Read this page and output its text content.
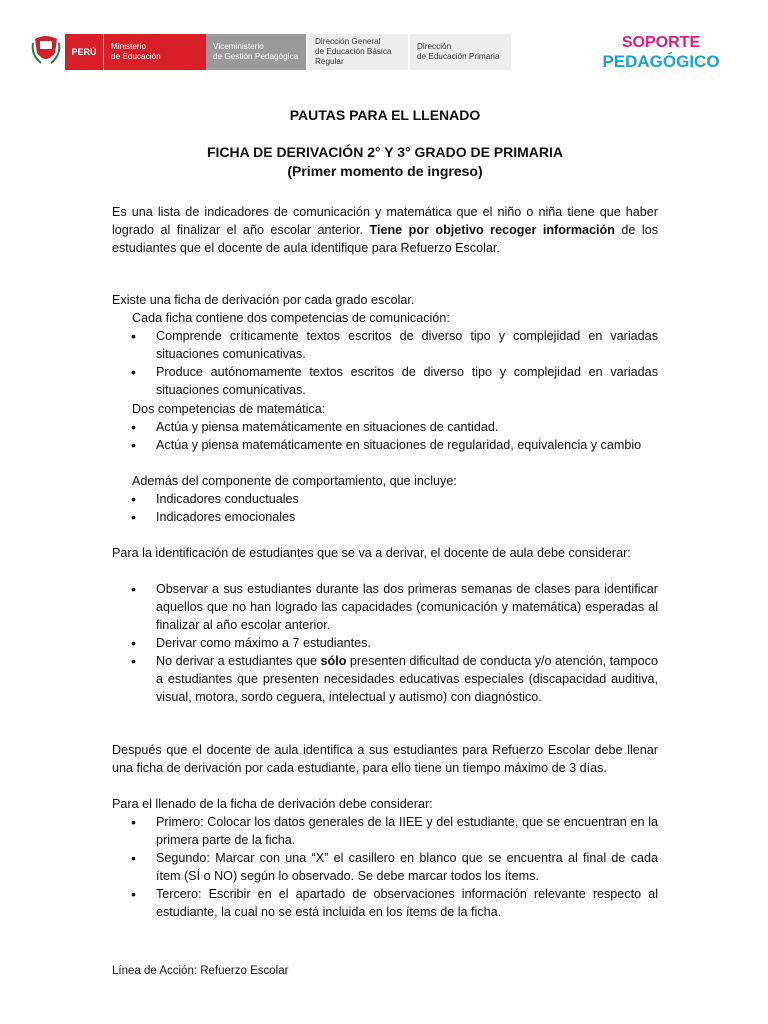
PERÚ
Ministerio
de Educación
Viceministerio
de Gestión Pedagógica
Dirección General
de Educación Básica
Regular
Dirección
de Educación Primaria
SOPORTE
PEDAGÓGICO
PAUTAS PARA EL LLENADO
FICHA DE DERIVACIÓN 2° Y 3° GRADO DE PRIMARIA
(Primer momento de ingreso)
Es una lista de indicadores de comunicación y matemática que el niño o niña tiene que haber logrado al finalizar el año escolar anterior. Tiene por objetivo recoger información de los estudiantes que el docente de aula identifique para Refuerzo Escolar.
Existe una ficha de derivación por cada grado escolar.
Cada ficha contiene dos competencias de comunicación:
• Comprende críticamente textos escritos de diverso tipo y complejidad en variadas situaciones comunicativas.
• Produce autónomamente textos escritos de diverso tipo y complejidad en variadas situaciones comunicativas.
Dos competencias de matemática:
• Actúa y piensa matemáticamente en situaciones de cantidad.
• Actúa y piensa matemáticamente en situaciones de regularidad, equivalencia y cambio
Además del componente de comportamiento, que incluye:
• Indicadores conductuales
• Indicadores emocionales
Para la identificación de estudiantes que se va a derivar, el docente de aula debe considerar:
• Observar a sus estudiantes durante las dos primeras semanas de clases para identificar aquellos que no han logrado las capacidades (comunicación y matemática) esperadas al finalizar al año escolar anterior.
• Derivar como máximo a 7 estudiantes.
• No derivar a estudiantes que sólo presenten dificultad de conducta y/o atención, tampoco a estudiantes que presenten necesidades educativas especiales (discapacidad auditiva, visual, motora, sordo ceguera, intelectual y autismo) con diagnóstico.
Después que el docente de aula identifica a sus estudiantes para Refuerzo Escolar debe llenar una ficha de derivación por cada estudiante, para ello tiene un tiempo máximo de 3 días.
Para el llenado de la ficha de derivación debe considerar:
• Primero: Colocar los datos generales de la IIEE y del estudiante, que se encuentran en la primera parte de la ficha.
• Segundo: Marcar con una “X” el casillero en blanco que se encuentra al final de cada ítem (SÍ o NO) según lo observado. Se debe marcar todos los ítems.
• Tercero: Escribir en el apartado de observaciones información relevante respecto al estudiante, la cual no se está incluida en los ítems de la ficha.
Línea de Acción: Refuerzo Escolar
